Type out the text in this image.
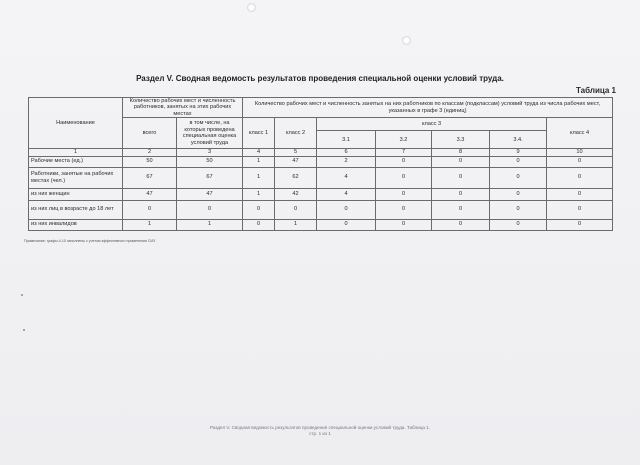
Раздел V. Сводная ведомость результатов проведения специальной оценки условий труда.
Таблица 1
Наименование	Количество рабочих мест и численность работников, занятых на этих рабочих местах		Количество рабочих мест и численность занятых на них работников по классам (подклассам) условий труда из числа рабочих мест, указанных в графе 3 (единиц)						
	всего	в том числе, на которых проведена специальная оценка условий труда	класс 1	класс 2	класс 3				класс 4
					3.1	3.2	3.3	3.4.	
1	2	3	4	5	6	7	8	9	10
Рабочие места (ед.)	50	50	1	47	2	0	0	0	0
Работники, занятые на рабочих местах (чел.)	67	67	1	62	4	0	0	0	0
из них женщин	47	47	1	42	4	0	0	0	0
из них лиц в возрасте до 18 лет	0	0	0	0	0	0	0	0	0
из них инвалидов	1	1	0	1	0	0	0	0	0
Примечание: графы 4-10 заполнены с учетом эффективного применения СИЗ
Раздел V. Сводная ведомость результатов проведения специальной оценки условий труда. Таблица 1.
стр. 1 из 1
